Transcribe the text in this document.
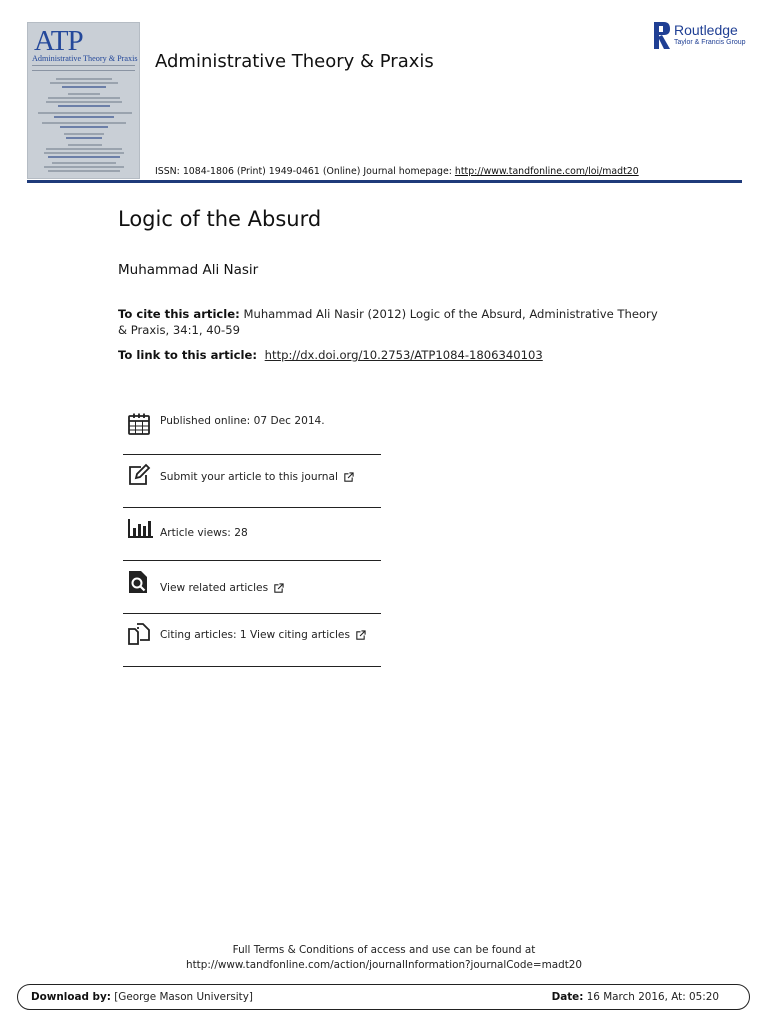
ATP
Administrative Theory & Praxis Administrative Theory & Praxis
Routledge
Taylor & Francis Group
ISSN: 1084-1806 (Print) 1949-0461 (Online) Journal homepage: http://www.tandfonline.com/loi/madt20
Logic of the Absurd
Muhammad Ali Nasir
To cite this article: Muhammad Ali Nasir (2012) Logic of the Absurd, Administrative Theory & Praxis, 34:1, 40-59
To link to this article: http://dx.doi.org/10.2753/ATP1084-1806340103
Published online: 07 Dec 2014.
Submit your article to this journal
Article views: 28
View related articles
Citing articles: 1 View citing articles
Full Terms & Conditions of access and use can be found at
http://www.tandfonline.com/action/journalInformation?journalCode=madt20
Download by: [George Mason University]	Date: 16 March 2016, At: 05:20
